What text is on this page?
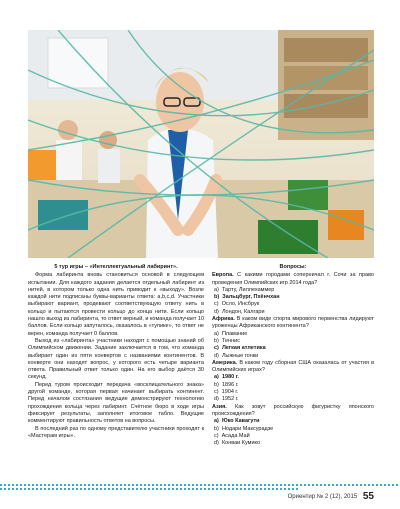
5 тур игры – «Интеллектуальный лабиринт».

Форма лабиринта вновь становиться основой в следующем испытании. Для каждого задания делается отдельный лабиринт из нитей, в котором только одна нить приводит к «выходу». Возле каждой нити подписаны буквы-варианты ответа: a,b,c,d. Участники выбирают вариант, продевают соответствующую ответу нить в кольцо и пытаются провести кольцо до конца нити. Если кольцо нашло выход из лабиринта, то ответ верный, и команда получает 10 баллов. Если кольцо запуталось, оказалось в «тупике», то ответ не верен, команда получает 0 баллов.

Выход из «лабиринта» участники находят с помощью знаний об Олимпийском движении. Задание заключается в том, что команда выбирает один из пяти конвертов с названиями континентов. В конверте они находят вопрос, у которого есть четыре варианта ответа. Правильный ответ только один. На его выбор даётся 30 секунд.

Перед туром происходит передача «восклицательного знака» другой команде, которая первая начинает выбирать континент. Перед началом состязания ведущие демонстрируют технологию прохождения кольца через лабиринт. Счётное бюро в ходе игры фиксирует результаты, заполняет итоговое табло. Ведущие комментируют правильность ответов на вопросы.

В последний раз по одному представителю участники проходят к «Мастерам игры».

Вопросы:

Европа. С какими городами соперничал г. Сочи за право проведения Олимпийских игр 2014 года?

а)  Тарту, Лиллехаммер

b)  Зальцбург, Пхёнчхан

c)  Осло, Инсбрук

d)  Лондон, Калгари

Африка. В каком виде спорта мирового первенства лидируют уроженцы Африканского континента?

а)  Плавание

b)  Теннис

c)  Легкая атлетика

d)  Лыжные гонки

Америка. В каком году сборная США оказалась от участия в Олимпийских играх?

а)  1980 г.

b)  1896 г.

c)  1904 г.

d)  1952 г.

Азия. Как зовут российскую фигуристку японского происхождения?

а)  Юко Кавагути

b)  Нодари Максурадзе

c)  Асада Май

d)  Конваи Кумико

Ориентир № 2 (12), 2015 55
